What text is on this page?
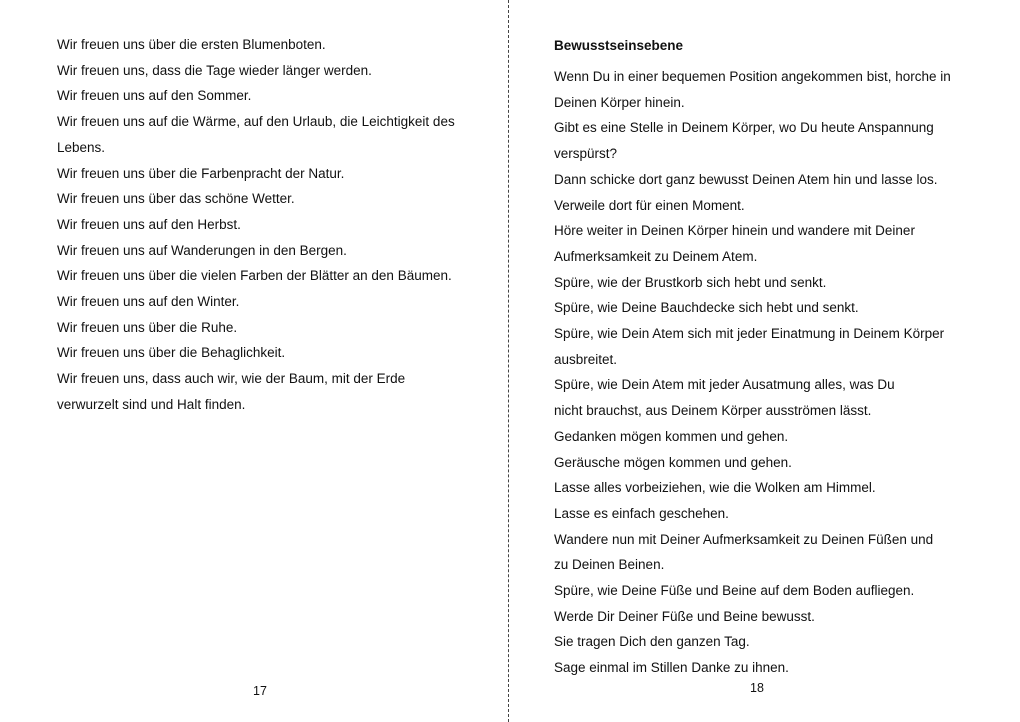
Wir freuen uns über die ersten Blumenboten.
Wir freuen uns, dass die Tage wieder länger werden.
Wir freuen uns auf den Sommer.
Wir freuen uns auf die Wärme, auf den Urlaub, die Leichtigkeit des
Lebens.
Wir freuen uns über die Farbenpracht der Natur.
Wir freuen uns über das schöne Wetter.
Wir freuen uns auf den Herbst.
Wir freuen uns auf Wanderungen in den Bergen.
Wir freuen uns über die vielen Farben der Blätter an den Bäumen.
Wir freuen uns auf den Winter.
Wir freuen uns über die Ruhe.
Wir freuen uns über die Behaglichkeit.
Wir freuen uns, dass auch wir, wie der Baum, mit der Erde
verwurzelt sind und Halt finden.
17
Bewusstseinsebene
Wenn Du in einer bequemen Position angekommen bist, horche in
Deinen Körper hinein.
Gibt es eine Stelle in Deinem Körper, wo Du heute Anspannung
verspürst?
Dann schicke dort ganz bewusst Deinen Atem hin und lasse los.
Verweile dort für einen Moment.
Höre weiter in Deinen Körper hinein und wandere mit Deiner
Aufmerksamkeit zu Deinem Atem.
Spüre, wie der Brustkorb sich hebt und senkt.
Spüre, wie Deine Bauchdecke sich hebt und senkt.
Spüre, wie Dein Atem sich mit jeder Einatmung in Deinem Körper
ausbreitet.
Spüre, wie Dein Atem mit jeder Ausatmung alles, was Du
nicht brauchst, aus Deinem Körper ausströmen lässt.
Gedanken mögen kommen und gehen.
Geräusche mögen kommen und gehen.
Lasse alles vorbeiziehen, wie die Wolken am Himmel.
Lasse es einfach geschehen.
Wandere nun mit Deiner Aufmerksamkeit zu Deinen Füßen und
zu Deinen Beinen.
Spüre, wie Deine Füße und Beine auf dem Boden aufliegen.
Werde Dir Deiner Füße und Beine bewusst.
Sie tragen Dich den ganzen Tag.
Sage einmal im Stillen Danke zu ihnen.
18
